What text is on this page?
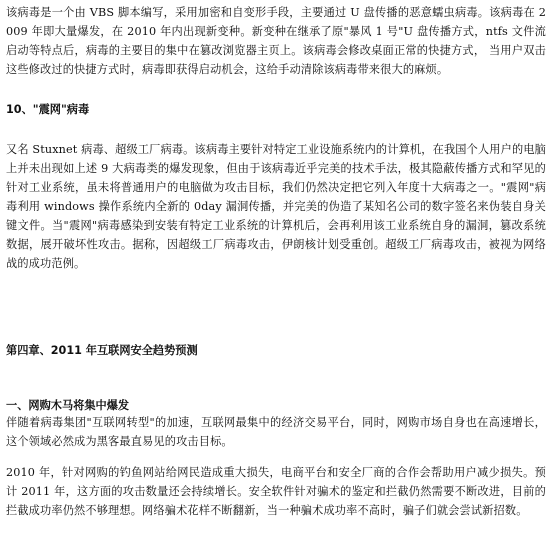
该病毒是一个由 VBS 脚本编写，采用加密和自变形手段，主要通过 U 盘传播的恶意蠕虫病毒。该病毒在 2009 年即大量爆发，在 2010 年内出现新变种。新变种在继承了原"暴风 1 号"U 盘传播方式，ntfs 文件流启动等特点后，病毒的主要目的集中在篡改浏览器主页上。该病毒会修改桌面正常的快捷方式， 当用户双击这些修改过的快捷方式时，病毒即获得启动机会，这给手动清除该病毒带来很大的麻烦。

10、"震网"病毒

又名 Stuxnet 病毒、超级工厂病毒。该病毒主要针对特定工业设施系统内的计算机，在我国个人用户的电脑上并未出现如上述 9 大病毒类的爆发现象，但由于该病毒近乎完美的技术手法，极其隐蔽传播方式和罕见的针对工业系统，虽未将普通用户的电脑做为攻击目标，我们仍然决定把它列入年度十大病毒之一。"震网"病毒利用 windows 操作系统内全新的 0day 漏洞传播，并完美的伪造了某知名公司的数字签名来伪装自身关键文件。当"震网"病毒感染到安装有特定工业系统的计算机后，会再利用该工业系统自身的漏洞，篡改系统数据，展开破坏性攻击。据称，因超级工厂病毒攻击，伊朗核计划受重创。超级工厂病毒攻击，被视为网络战的成功范例。

第四章、2011 年互联网安全趋势预测

一、网购木马将集中爆发

伴随着病毒集团"互联网转型"的加速，互联网最集中的经济交易平台，同时，网购市场自身也在高速增长，这个领域必然成为黑客最直易见的攻击目标。

2010 年，针对网购的钓鱼网站给网民造成重大损失，电商平台和安全厂商的合作会帮助用户减少损失。预计 2011 年，这方面的攻击数量还会持续增长。安全软件针对骗术的鉴定和拦截仍然需要不断改进，目前的拦截成功率仍然不够理想。网络骗术花样不断翻新，当一种骗术成功率不高时，骗子们就会尝试新招数。
